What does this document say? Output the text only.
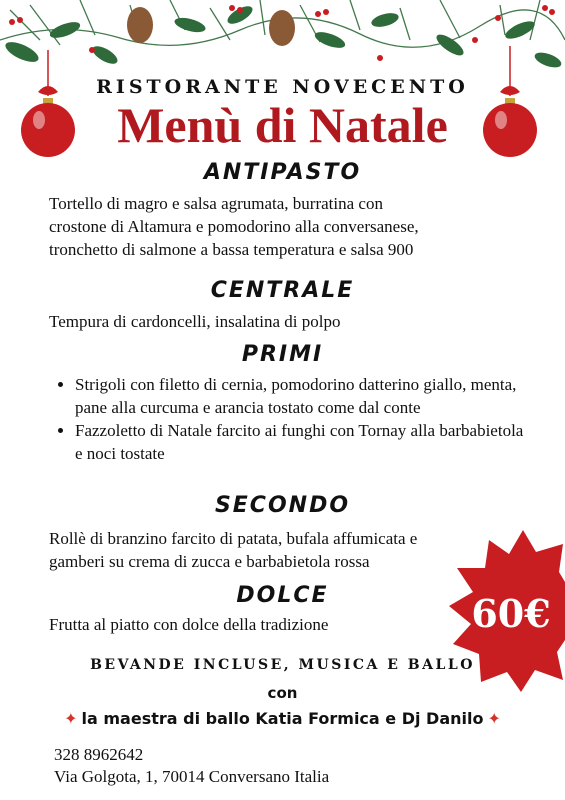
RISTORANTE NOVECENTO
Menù di Natale
ANTIPASTO
Tortello di magro e salsa agrumata, burratina con
crostone di Altamura e pomodorino alla conversanese,
tronchetto di salmone a bassa temperatura e salsa 900
CENTRALE
Tempura di cardoncelli, insalatina di polpo
PRIMI
• Strigoli con filetto di cernia, pomodorino datterino giallo, menta, pane alla curcuma e arancia tostato come dal conte
• Fazzoletto di Natale farcito ai funghi con Tornay alla barbabietola e noci tostate
SECONDO
Rollè di branzino farcito di patata, bufala affumicata e
gamberi su crema di zucca e barbabietola rossa
DOLCE
Frutta al piatto con dolce della tradizione	60€
BEVANDE INCLUSE, MUSICA E BALLO
con
✦ la maestra di ballo Katia Formica e Dj Danilo ✦
328 8962642
Via Golgota, 1, 70014 Conversano Italia
